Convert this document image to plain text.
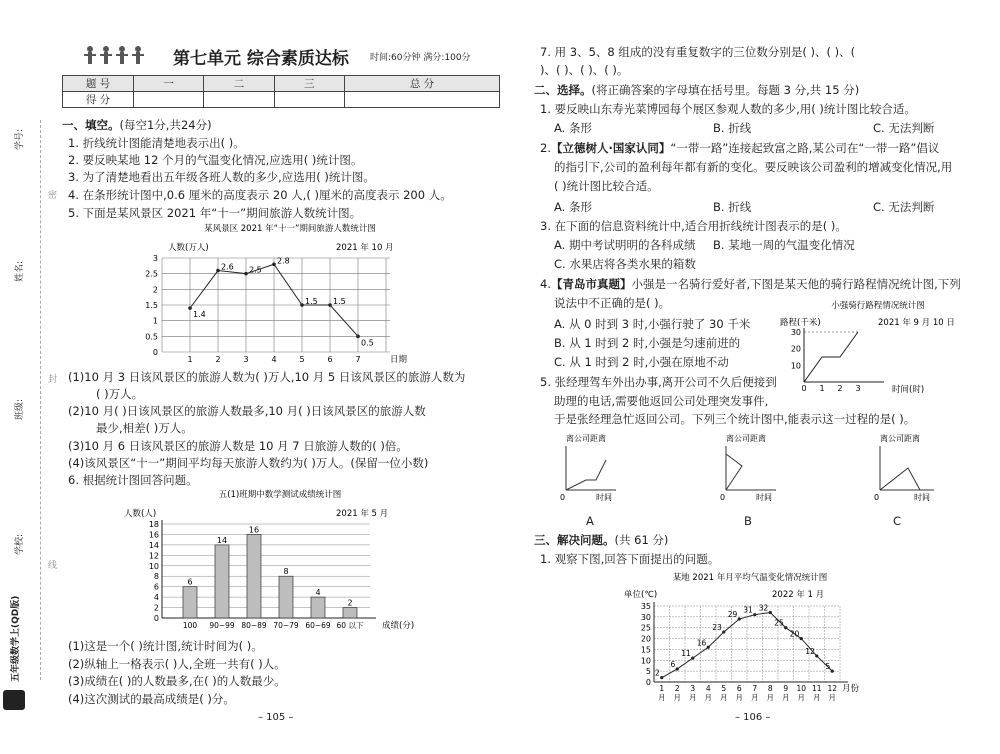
学号:
密
姓名:
封
班级:
学校:
线
五年级数学上(QD版)
第七单元 综合素质达标 时间:60分钟 满分:100分
题 号	一	二	三	总 分
得 分				
一、填空。(每空1分,共24分)
1. 折线统计图能清楚地表示出( )。
2. 要反映某地 12 个月的气温变化情况,应选用( )统计图。
3. 为了清楚地看出五年级各班人数的多少,应选用( )统计图。
4. 在条形统计图中,0.6 厘米的高度表示 20 人,( )厘米的高度表示 200 人。
5. 下面是某风景区 2021 年“十一”期间旅游人数统计图。
某风景区 2021 年“十一”期间旅游人数统计图
人数(万人)	2021 年 10 月
日期
0
0.5
1
1.5
2
2.5
3
1	2	3	4	5	6	7
1.4
2.6 2.5
2.8
1.5 1.5
0.5
(1)10 月 3 日该风景区的旅游人数为( )万人,10 月 5 日该风景区的旅游人数为
( )万人。
(2)10 月( )日该风景区的旅游人数最多,10 月( )日该风景区的旅游人数
最少,相差( )万人。
(3)10 月 6 日该风景区的旅游人数是 10 月 7 日旅游人数的( )倍。
(4)该风景区“十一”期间平均每天旅游人数约为( )万人。(保留一位小数)
6. 根据统计图回答问题。
五(1)班期中数学测试成绩统计图
人数(人)	2021 年 5 月
成绩(分)
0
2
4
6
8
10
12
14
16
18
6
100
14
90~99
16
80~89
8
70~79
4
60~69
2
60 以下
(1)这是一个( )统计图,统计时间为( )。
(2)纵轴上一格表示( )人,全班一共有( )人。
(3)成绩在( )的人数最多,在( )的人数最少。
(4)这次测试的最高成绩是( )分。
– 105 –
7. 用 3、5、8 组成的没有重复数字的三位数分别是( )、( )、(
)、( )、( )、( )。
二、选择。(将正确答案的字母填在括号里。每题 3 分,共 15 分)
1. 要反映山东寿光菜博园每个展区参观人数的多少,用( )统计图比较合适。
A. 条形	B. 折线	C. 无法判断
2.【立德树人·国家认同】“一带一路”连接起致富之路,某公司在“一带一路”倡议
的指引下,公司的盈利每年都有新的变化。要反映该公司盈利的增减变化情况,用
( )统计图比较合适。
A. 条形	B. 折线	C. 无法判断
3. 在下面的信息资料统计中,适合用折线统计图表示的是( )。
A. 期中考试明明的各科成绩 B. 某地一周的气温变化情况
C. 水果店将各类水果的箱数
4.【青岛市真题】小强是一名骑行爱好者,下图是某天他的骑行路程情况统计图,下列
说法中不正确的是( )。
A. 从 0 时到 3 时,小强行驶了 30 千米
B. 从 1 时到 2 时,小强是匀速前进的
C. 从 1 时到 2 时,小强在原地不动
小强骑行路程情况统计图
路程(千米)	2021 年 9 月 10 日
时间(时)
10
20
30
0 1 2 3
5. 张经理驾车外出办事,离开公司不久后便接到
助理的电话,需要他返回公司处理突发事件,
于是张经理急忙返回公司。下列三个统计图中,能表示这一过程的是( )。
离公司距离
0	时间
离公司距离
0	时间
离公司距离
0	时间
A	B	C
三、解决问题。(共 61 分)
1. 观察下图,回答下面提出的问题。
某地 2021 年月平均气温变化情况统计图
单位(℃)	2022 年 1 月
月份
0
5
10
15
20
25
30
35
1
月
2
月
3
月
4
月
5
月
6
月
7
月
8
月
9
月
10
月
11
月
12
月
2
6
11
16
23
29 31 32
25
20
12
5
– 106 –
